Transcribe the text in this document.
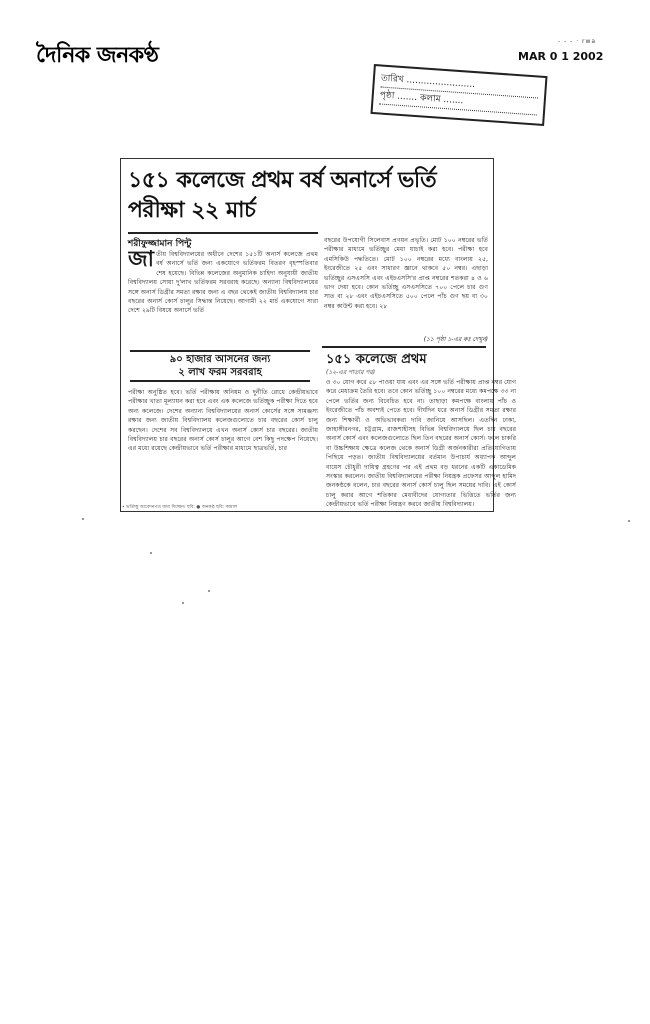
দৈনিক জনকণ্ঠ
- - - · rwa
MAR 0 1 2002
তারিখ ........................
পৃষ্ঠা ....... কলাম .......
১৫১ কলেজে প্রথম বর্ষ অনার্সে ভর্তি
পরীক্ষা ২২ মার্চ
শরীফুজ্জামান পিন্টু
জা তীয় বিশ্ববিদ্যালয়ের অধীনে দেশের ১৫১টি অনার্স কলেজে প্রথম বর্ষ অনার্সে ভর্তি জন্য একযোগে ভর্তিফরম বিতরণ বৃহস্পতিবার শেষ হয়েছে। বিভিন্ন কলেজের অনুমানিক চাহিদা অনুযায়ী জাতীয় বিশ্ববিদ্যালয় সোয়া দু'লাখ ভর্তিফরম সরবরাহ করেছে। অন্যান্য বিশ্ববিদ্যালয়ের সঙ্গে অনার্স ডিগ্রীর সমতা রক্ষার জন্য এ বছর থেকেই জাতীয় বিশ্ববিদ্যালয় চার বছরের অনার্স কোর্স চালুর সিদ্ধান্ত নিয়েছে। আগামী ২২ মার্চ একযোগে সারা দেশে ২৯টি বিষয়ে অনার্সে ভর্তি
৯০ হাজার আসনের জন্য
২ লাখ ফরম সরবরাহ
পরীক্ষা অনুষ্ঠিত হবে। ভর্তি পরীক্ষায় অনিয়ম ও দুর্নীতি রোধে কেন্দ্রীয়ভাবে পরীক্ষার খাতা মূল্যায়ন করা হবে এবং এক কলেজে ভর্তিচ্ছুক পরীক্ষা দিতে হবে অন্য কলেজে। দেশের অন্যান্য বিশ্ববিদ্যালয়ের অনার্স কোর্সের সঙ্গে সামঞ্জস্য রক্ষার জন্য জাতীয় বিশ্ববিদ্যালয় কলেজগুলোতে চার বছরের কোর্স চালু করছেন। দেশের সব বিশ্ববিদ্যালয়ে এখন অনার্স কোর্স চার বছরের। জাতীয় বিশ্ববিদ্যালয় চার বছরের অনার্স কোর্স চালুর আগে বেশ কিছু পদক্ষেপ নিয়েছে। এর মধ্যে রয়েছে কেন্দ্রীয়ভাবে ভর্তি পরীক্ষার মাধ্যমে ছাত্রভর্তি, চার
বছরের উপযোগী সিলেবাস প্রণয়ন প্রভৃতি। মোট ১০০ নম্বরের ভর্তি পরীক্ষার মাধ্যমে ভর্তিচ্ছুর মেধা যাচাই করা হবে। পরীক্ষা হবে এমসিকিউ পদ্ধতিতে। মোট ১০০ নম্বরের মধ্যে বাংলায় ২৫, ইংরেজীতে ২৫ এবং সাধারণ জ্ঞানে থাকবে ৫০ নম্বর। এছাড়া ভর্তিচ্ছুর এসএসসি এবং এইচএসসি'র প্রাপ্ত নম্বরের শতকরা ৪ ও ৬ ভাগ দেয়া হবে। কোন ভর্তিচ্ছু এসএসসিতে ৭০০ পেলে চার গুণ সাত বা ২৮ এবং এইচএসসিতে ৫০০ পেলে পাঁচ গুণ ছয় বা ৩০ নম্বর কাউন্ট করা হবে। ২৮
(১১ পৃষ্ঠা ১-এর কঃ দেখুন)
• ভর্তিচ্ছু আবেদনপত্র জমা দিচ্ছেন। ছবি: ● জনকণ্ঠ ছবি: কামাল
১৫১ কলেজে প্রথম
(১২-এর পাতার পর)
ও ৩০ যোগ করে ৫৮ পাওয়া যায় এবং এর সঙ্গে ভর্তি পরীক্ষায় প্রাপ্ত নম্বর যোগ করে মেধাক্রম তৈরি হবে। তবে কোন ভর্তিচ্ছু ১০০ নম্বরের মধ্যে কমপক্ষে ৩৩ না পেলে ভর্তির জন্য বিবেচিত হবে না। তাছাড়া কমপক্ষে বাংলায় পাঁচ ও ইংরেজীতে পাঁচ অবশ্যই পেতে হবে। দীর্ঘদিন ধরে অনার্স ডিগ্রীর সমতা রক্ষার জন্য শিক্ষার্থী ও অভিভাবকরা দাবি জানিয়ে আসছিল। এতদিন ঢাকা, জাহাঙ্গীরনগর, চট্টগ্রাম, রাজশাহীসহ বিভিন্ন বিশ্ববিদ্যালয়ে ছিল চার বছরের অনার্স কোর্স এবং কলেজগুলোতে ছিল তিন বছরের অনার্স কোর্স। ফলে চাকরি বা উচ্চশিক্ষায় ক্ষেত্রে কলেজ থেকে অনার্স ডিগ্রী অর্জনকারীরা প্রতিযোগিতায় পিছিয়ে পড়ত। জাতীয় বিশ্ববিদ্যালয়ের বর্তমান উপাচার্য অধ্যাপক আব্দুল বায়েস চৌধুরী দায়িত্ব গ্রহণের পর এই প্রথম বড় ধরনের একটি একাডেমিক সংস্কার করলেন। জাতীয় বিশ্ববিদ্যালয়ের পরীক্ষা নিয়ন্ত্রক প্রফেসর আব্দুল হামিদ জনকণ্ঠকে বলেন, চার বছরের অনার্স কোর্স চালু ছিল সময়ের দাবি। এই কোর্স চালু করার আগে শতিকার মেধাবীদের যোগ্যতার ভিত্তিতে ভর্তির জন্য কেন্দ্রীয়ভাবে ভর্তি পরীক্ষা নিয়ন্ত্রণ করবে জাতীয় বিশ্ববিদ্যালয়।
